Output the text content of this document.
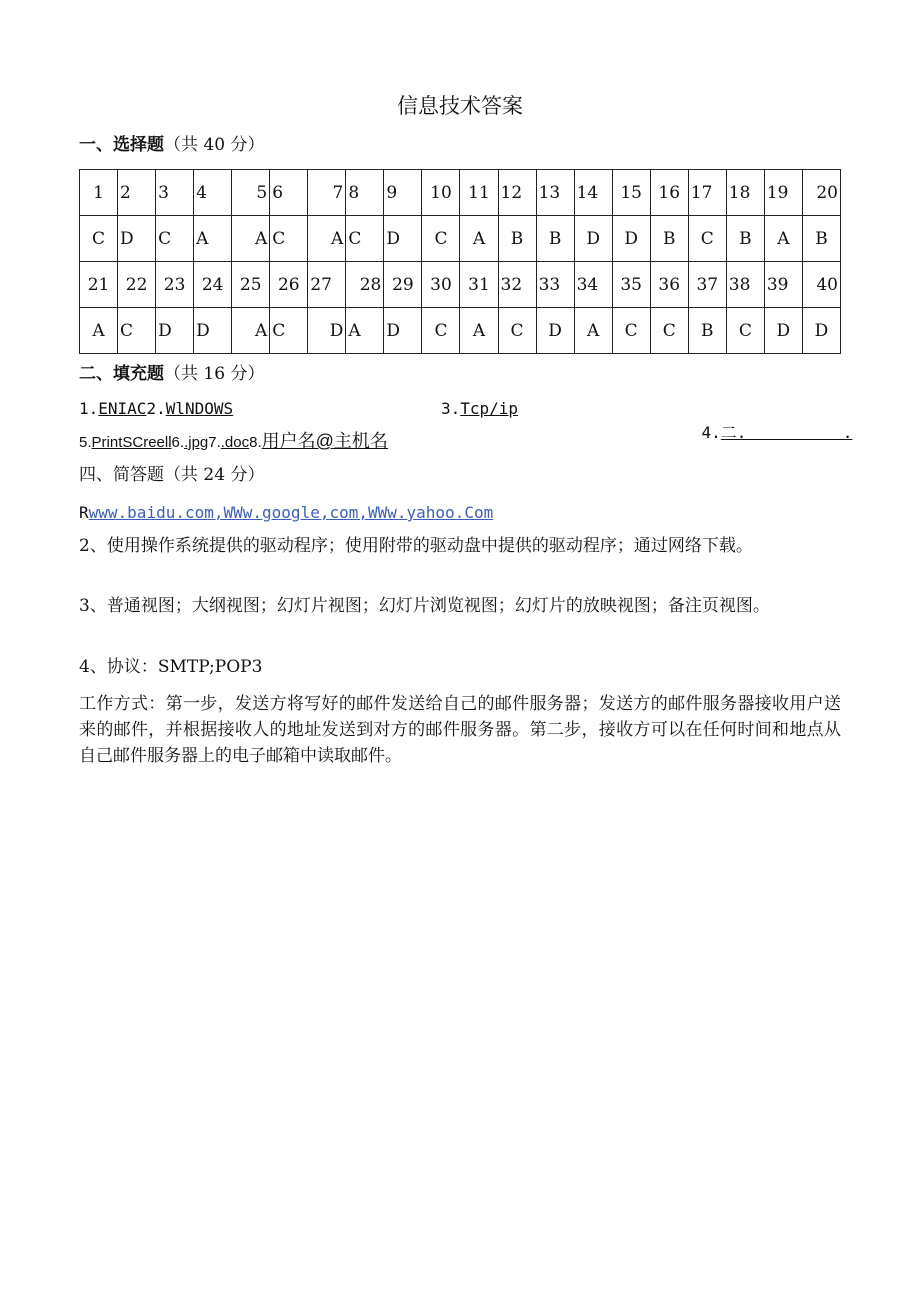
信息技术答案
一、选择题（共 40 分）
1	2	3	4	5	6	7	8	9	10	11	12	13	14	15	16	17	18	19	20
C	D	C	A	A	C	A	C	D	C	A	B	B	D	D	B	C	B	A	B
21	22	23	24	25	26	27	28	29	30	31	32	33	34	35	36	37	38	39	40
A	C	D	D	A	C	D	A	D	C	A	C	D	A	C	C	B	C	D	D
二、填充题（共 16 分）
1.ENIAC2.WlNDOWS	3.Tcp/ip

4.二.          .

5.PrintSCreell6..jpg7..doc8.用户名@主机名
四、简答题（共 24 分）
Rwww.baidu.com,WWw.google,com,WWw.yahoo.Com
2、使用操作系统提供的驱动程序；使用附带的驱动盘中提供的驱动程序；通过网络下载。
3、普通视图；大纲视图；幻灯片视图；幻灯片浏览视图；幻灯片的放映视图；备注页视图。
4、协议：SMTP;POP3
工作方式：第一步，发送方将写好的邮件发送给自己的邮件服务器；发送方的邮件服务器接收用户送来的邮件，并根据接收人的地址发送到对方的邮件服务器。第二步，接收方可以在任何时间和地点从自己邮件服务器上的电子邮箱中读取邮件。
